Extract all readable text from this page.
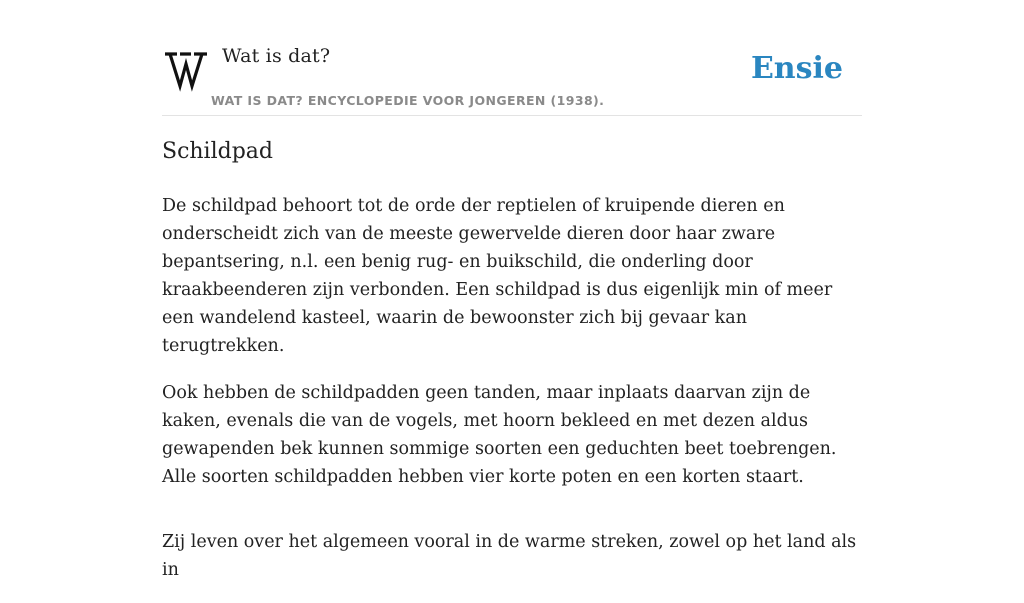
Wat is dat?
WAT IS DAT? ENCYCLOPEDIE VOOR JONGEREN (1938).
Ensie
Schildpad

De schildpad behoort tot de orde der reptielen of kruipende dieren en onderscheidt zich van de meeste gewervelde dieren door haar zware bepantsering, n.l. een benig rug- en buikschild, die onderling door kraakbeenderen zijn verbonden. Een schildpad is dus eigenlijk min of meer een wandelend kasteel, waarin de bewoonster zich bij gevaar kan terugtrekken.

Ook hebben de schildpadden geen tanden, maar inplaats daarvan zijn de kaken, evenals die van de vogels, met hoorn bekleed en met dezen aldus gewapenden bek kunnen sommige soorten een geduchten beet toebrengen. Alle soorten schildpadden hebben vier korte poten en een korten staart.

Zij leven over het algemeen vooral in de warme streken, zowel op het land als in
